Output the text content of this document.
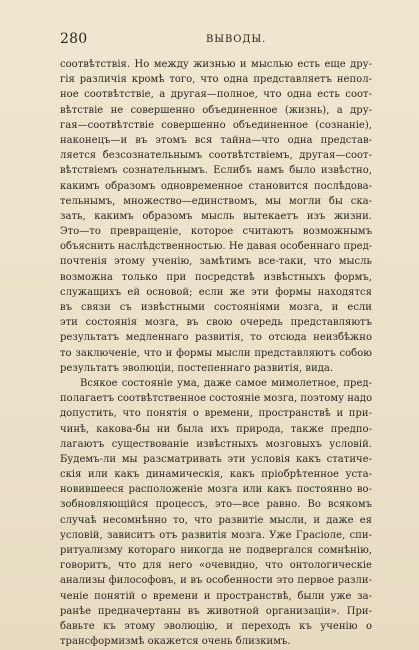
280	ВЫВОДЫ.
соотвѣтствія. Но между жизнью и мыслью есть еще дру-
гія различія кромѣ того, что одна представляетъ непол-
ное соотвѣтствіе, а другая—полное, что одна есть соот-
вѣтствіе не совершенно объединенное (жизнь), а дру-
гая—соотвѣтствіе совершенно объединенное (сознаніе),
наконецъ—и въ этомъ вся тайна—что одна представ-
ляется безсознательнымъ соотвѣтствіемъ, другая—соот-
вѣтствіемъ сознательнымъ. Еслибъ намъ было извѣстно,
какимъ образомъ одновременное становится послѣдова-
тельнымъ, множество—единствомъ, мы могли бы ска-
зать, какимъ образомъ мысль вытекаетъ изъ жизни.
Это—то превращеніе, которое считаютъ возможнымъ
объяснить наслѣдственностью. Не давая особеннаго пред-
почтенія этому ученію, замѣтимъ все-таки, что мысль
возможна только при посредствѣ извѣстныхъ формъ,
служащихъ ей основой; если же эти формы находятся
въ связи съ извѣстными состояніями мозга, и если
эти состоянія мозга, въ свою очередь представляютъ
результатъ медленнаго развитія, то отсюда неизбѣжно
то заключеніе, что и формы мысли представляютъ собою
результатъ эволюціи, постепеннаго развитія, вида.
Всякое состояніе ума, даже самое мимолетное, пред-
полагаетъ соотвѣтственное состояніе мозга, поэтому надо
допустить, что понятія о времени, пространствѣ и при-
чинѣ, какова-бы ни была ихъ природа, также предпо-
лагаютъ существованіе извѣстныхъ мозговыхъ условій.
Будемъ-ли мы разсматривать эти условія какъ статиче-
скія или какъ динамическія, какъ пріобрѣтенное уста-
новившееся расположеніе мозга или какъ постоянно во-
зобновляющійся процессъ, это—все равно. Во всякомъ
случаѣ несомнѣнно то, что развитіе мысли, и даже ея
условій, зависитъ отъ развитія мозга. Уже Грасіоле, спи-
ритуализму котораго никогда не подвергался сомнѣнію,
говоритъ, что для него «очевидно, что онтологическіе
анализы философовъ, и въ особенности это первое разли-
ченіе понятій о времени и пространствѣ, были уже за-
ранѣе предначертаны въ животной организаціи». При-
бавьте къ этому эволюцію, и переходъ къ ученію о
трансформизмѣ окажется очень близкимъ.
